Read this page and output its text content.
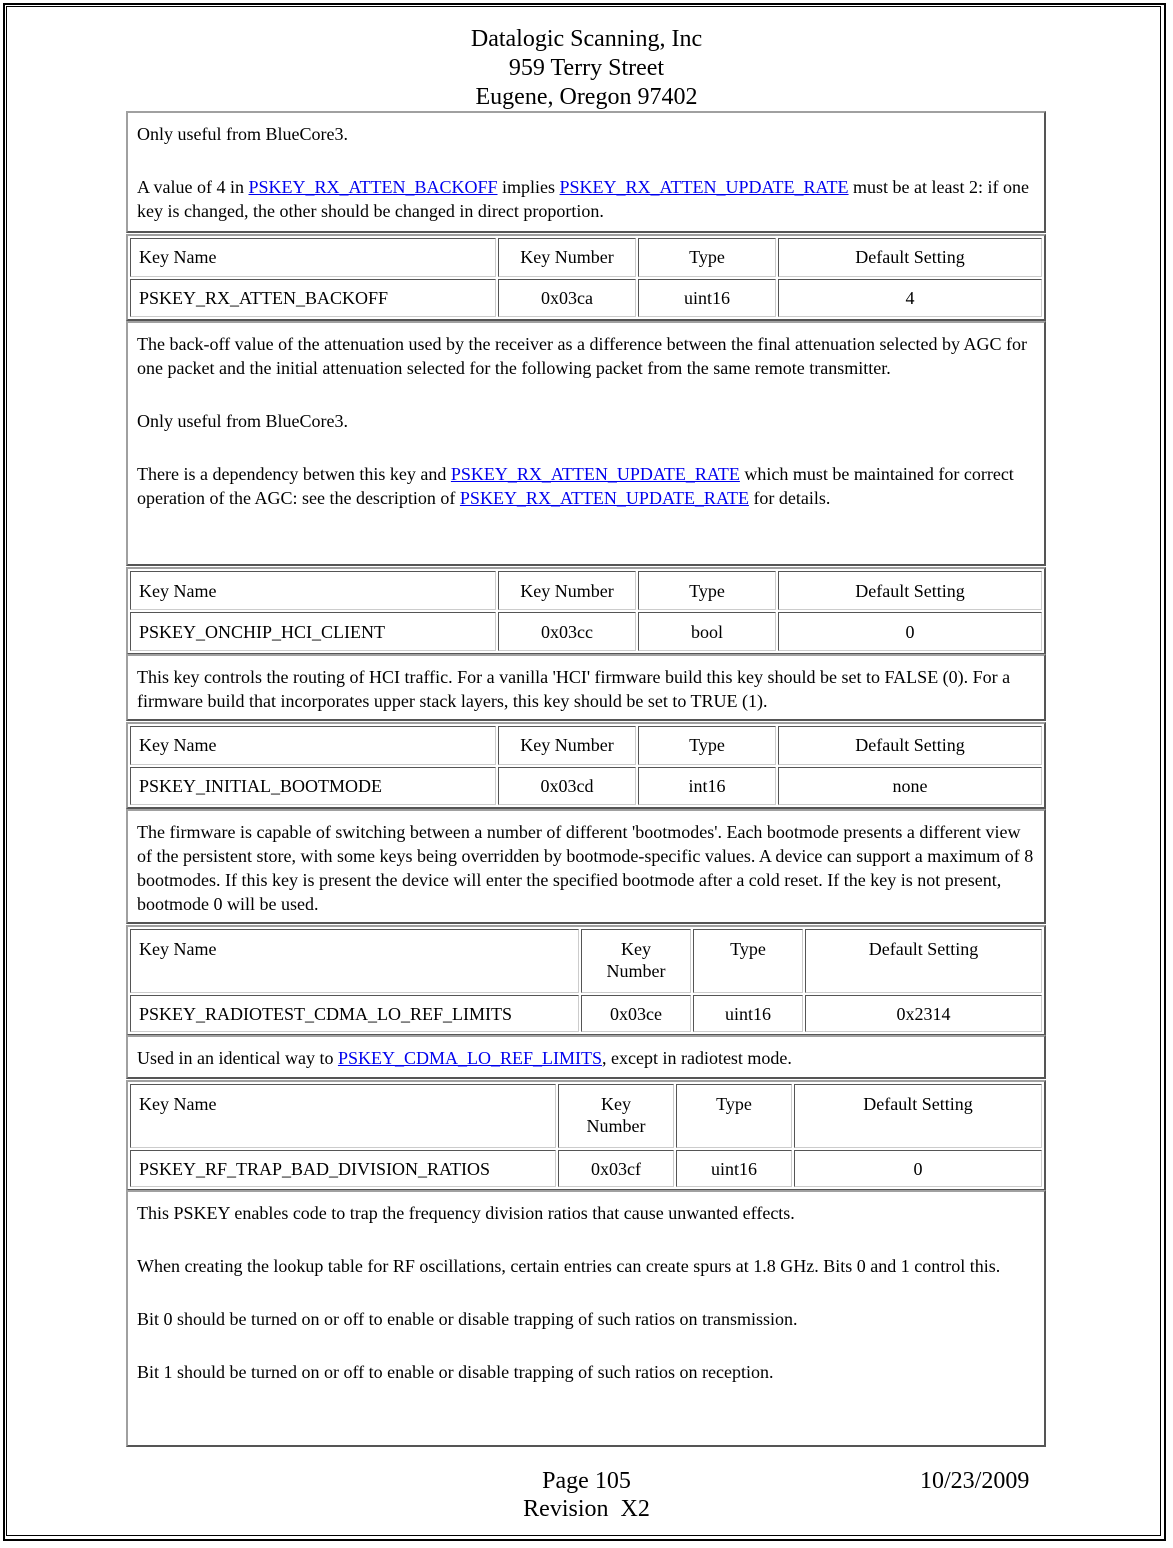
Datalogic Scanning, Inc
959 Terry Street
Eugene, Oregon 97402

Only useful from BlueCore3.

A value of 4 in PSKEY_RX_ATTEN_BACKOFF implies PSKEY_RX_ATTEN_UPDATE_RATE must be at least 2: if one key is changed, the other should be changed in direct proportion.

Key Name	Key Number	Type	Default Setting
PSKEY_RX_ATTEN_BACKOFF	0x03ca	uint16	4

The back-off value of the attenuation used by the receiver as a difference between the final attenuation selected by AGC for one packet and the initial attenuation selected for the following packet from the same remote transmitter.

Only useful from BlueCore3.

There is a dependency betwen this key and PSKEY_RX_ATTEN_UPDATE_RATE which must be maintained for correct operation of the AGC: see the description of PSKEY_RX_ATTEN_UPDATE_RATE for details.

Key Name	Key Number	Type	Default Setting
PSKEY_ONCHIP_HCI_CLIENT	0x03cc	bool	0

This key controls the routing of HCI traffic. For a vanilla 'HCI' firmware build this key should be set to FALSE (0). For a firmware build that incorporates upper stack layers, this key should be set to TRUE (1).

Key Name	Key Number	Type	Default Setting
PSKEY_INITIAL_BOOTMODE	0x03cd	int16	none

The firmware is capable of switching between a number of different 'bootmodes'. Each bootmode presents a different view of the persistent store, with some keys being overridden by bootmode-specific values. A device can support a maximum of 8 bootmodes. If this key is present the device will enter the specified bootmode after a cold reset. If the key is not present, bootmode 0 will be used.

Key Name	Key
Number	Type	Default Setting
PSKEY_RADIOTEST_CDMA_LO_REF_LIMITS	0x03ce	uint16	0x2314

Used in an identical way to PSKEY_CDMA_LO_REF_LIMITS, except in radiotest mode.

Key Name	Key
Number	Type	Default Setting
PSKEY_RF_TRAP_BAD_DIVISION_RATIOS	0x03cf	uint16	0

This PSKEY enables code to trap the frequency division ratios that cause unwanted effects.

When creating the lookup table for RF oscillations, certain entries can create spurs at 1.8 GHz. Bits 0 and 1 control this.

Bit 0 should be turned on or off to enable or disable trapping of such ratios on transmission.

Bit 1 should be turned on or off to enable or disable trapping of such ratios on reception.

Page 105	10/23/2009
Revision  X2
